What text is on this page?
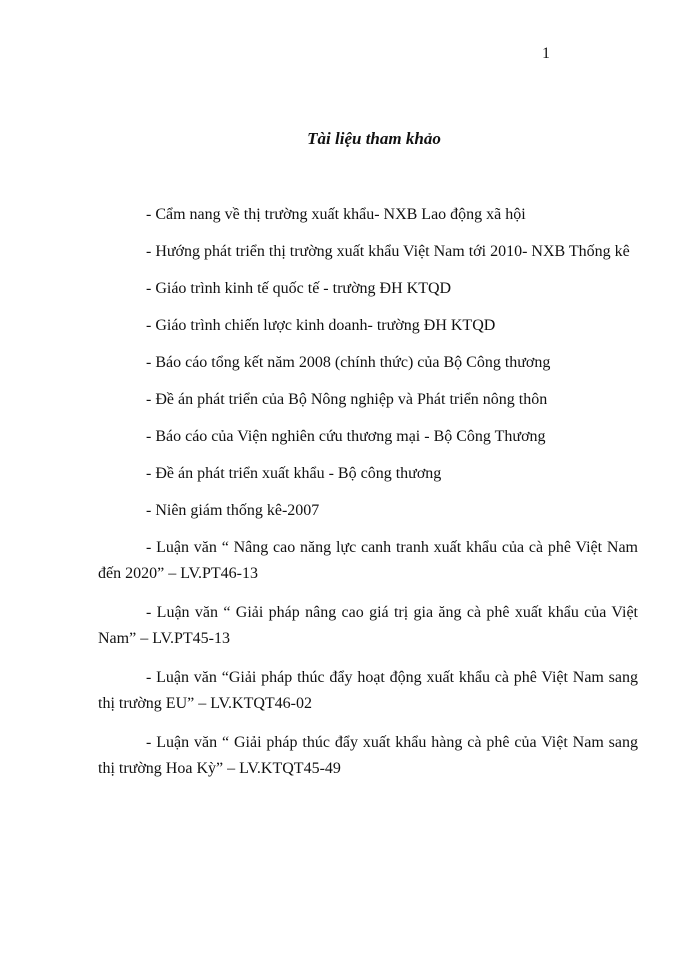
1
Tài liệu tham khảo
- Cẩm nang về thị trường xuất khẩu- NXB Lao động xã hội
- Hướng phát triển thị trường xuất khẩu Việt Nam tới 2010- NXB Thống kê
- Giáo trình kinh tế quốc tế - trường ĐH KTQD
- Giáo trình chiến lược kinh doanh- trường ĐH KTQD
- Báo cáo tổng kết năm 2008 (chính thức) của Bộ Công thương
- Đề án phát triển của Bộ Nông nghiệp và Phát triển nông thôn
- Báo cáo của Viện nghiên cứu thương mại - Bộ Công Thương
- Đề án phát triển xuất khẩu - Bộ công thương
- Niên giám thống kê-2007
- Luận văn “ Nâng cao năng lực canh tranh xuất khẩu của cà phê Việt Nam đến 2020” – LV.PT46-13
- Luận văn “ Giải pháp nâng cao giá trị gia ăng cà phê xuất khẩu của Việt Nam” – LV.PT45-13
- Luận văn “Giải pháp thúc đẩy hoạt động xuất khẩu cà phê Việt Nam sang thị trường EU” – LV.KTQT46-02
- Luận văn “ Giải pháp thúc đẩy xuất khẩu hàng cà phê của Việt Nam sang thị trường Hoa Kỳ” – LV.KTQT45-49
